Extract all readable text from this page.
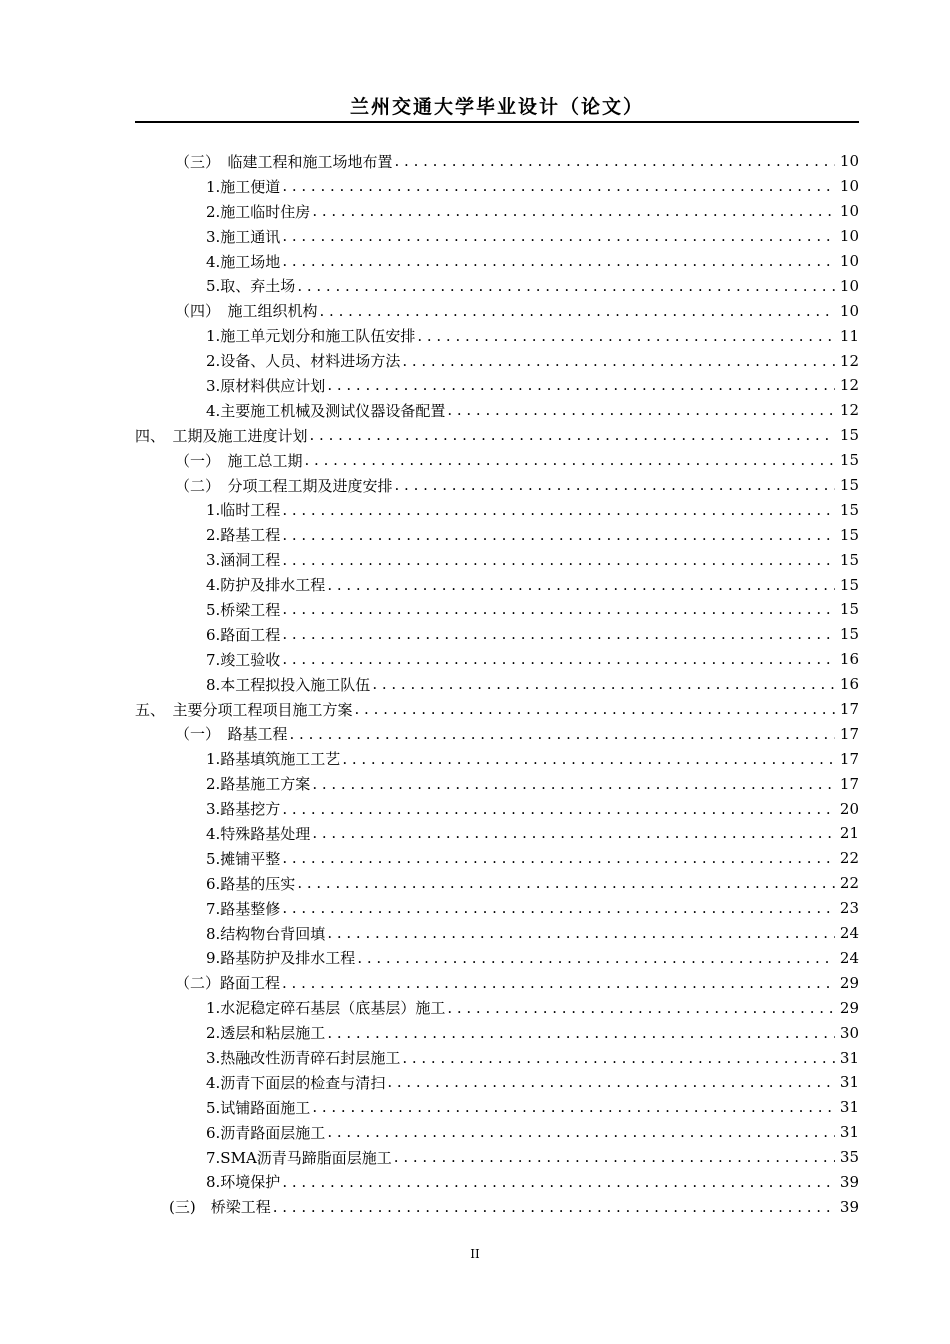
兰州交通大学毕业设计（论文）
（三）　临建工程和施工场地布置 . . .	10
1.施工便道 . . .	10
2.施工临时住房 . . .	10
3.施工通讯 . . .	10
4.施工场地 . . .	10
5.取、弃土场 . . .	10
（四）　施工组织机构 . . .	10
1.施工单元划分和施工队伍安排 . . .	11
2.设备、人员、材料进场方法 . . .	12
3.原材料供应计划 . . .	12
4.主要施工机械及测试仪器设备配置 . . .	12
四、　工期及施工进度计划 . . .	15
（一）　施工总工期 . . .	15
（二）　分项工程工期及进度安排 . . .	15
1.临时工程 . . .	15
2.路基工程 . . .	15
3.涵洞工程 . . .	15
4.防护及排水工程 . . .	15
5.桥梁工程 . . .	15
6.路面工程 . . .	15
7.竣工验收 . . .	16
8.本工程拟投入施工队伍 . . .	16
五、　主要分项工程项目施工方案 . . .	17
（一）　路基工程 . . .	17
1.路基填筑施工工艺 . . .	17
2.路基施工方案 . . .	17
3.路基挖方 . . .	20
4.特殊路基处理 . . .	21
5.摊铺平整 . . .	22
6.路基的压实 . . .	22
7.路基整修 . . .	23
8.结构物台背回填 . . .	24
9.路基防护及排水工程 . . .	24
（二）路面工程 . . .	29
1.水泥稳定碎石基层（底基层）施工 . . .	29
2.透层和粘层施工 . . .	30
3.热融改性沥青碎石封层施工 . . .	31
4.沥青下面层的检查与清扫 . . .	31
5.试铺路面施工 . . .	31
6.沥青路面层施工 . . .	31
7.SMA沥青马蹄脂面层施工 . . .	35
8.环境保护 . . .	39
(三)　桥梁工程 . . .	39
II
